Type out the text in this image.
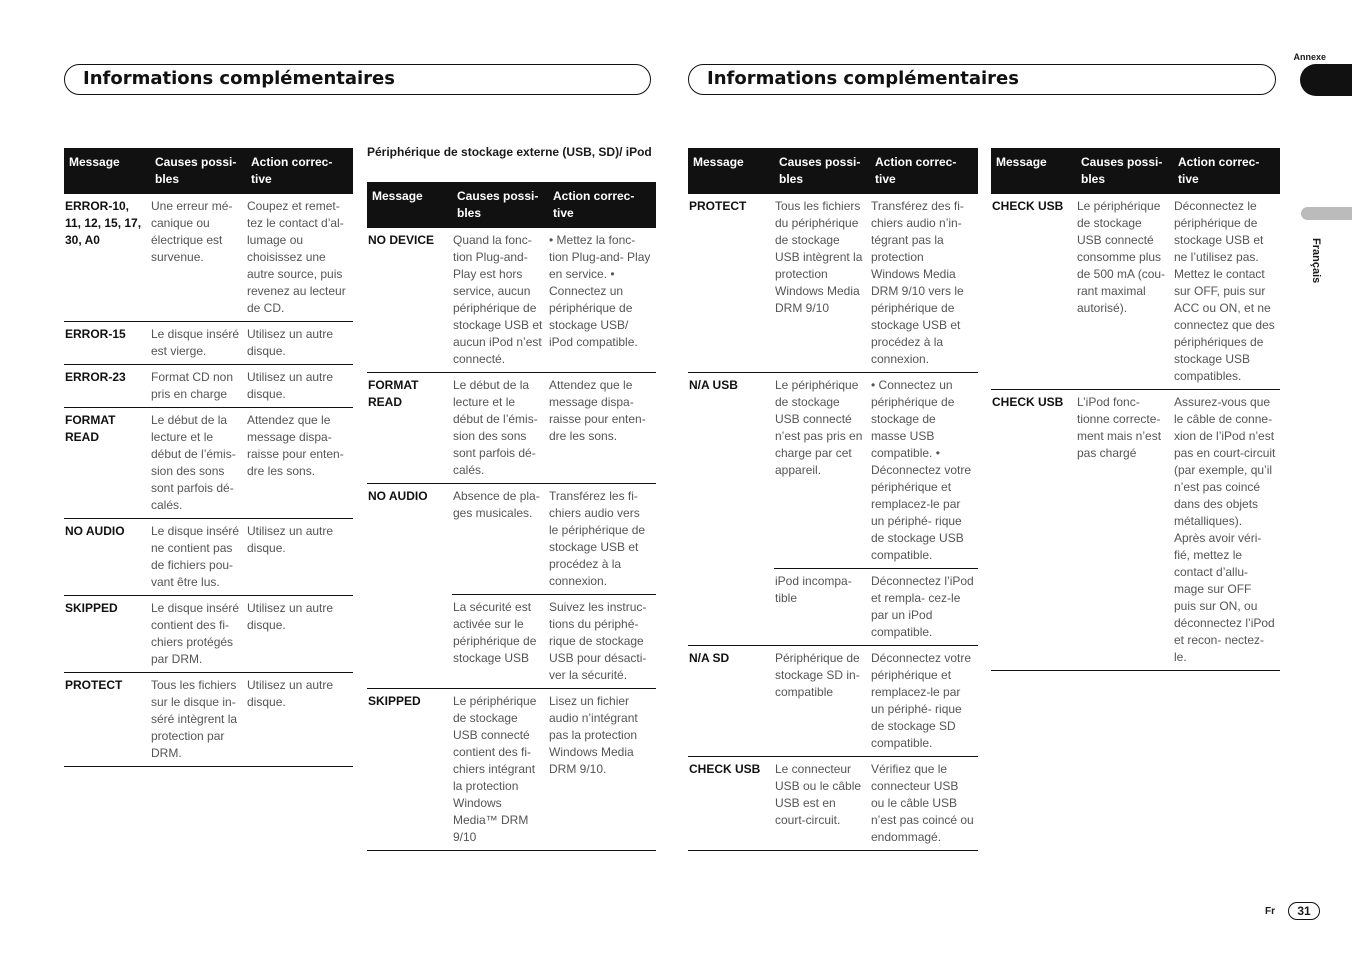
Informations complémentaires	Informations complémentaires
Annexe
Français
Périphérique de stockage externe (USB, SD)/ iPod
Message	Causes possi- bles	Action correc- tive
ERROR-10, 11, 12, 15, 17, 30, A0	Une erreur mé- canique ou électrique est survenue.	Coupez et remet- tez le contact d’al- lumage ou choisissez une autre source, puis revenez au lecteur de CD.
ERROR-15	Le disque inséré est vierge.	Utilisez un autre disque.
ERROR-23	Format CD non pris en charge	Utilisez un autre disque.
FORMAT READ	Le début de la lecture et le début de l’émis- sion des sons sont parfois dé- calés.	Attendez que le message dispa- raisse pour enten- dre les sons.
NO AUDIO	Le disque inséré ne contient pas de fichiers pou- vant être lus.	Utilisez un autre disque.
SKIPPED	Le disque inséré contient des fi- chiers protégés par DRM.	Utilisez un autre disque.
PROTECT	Tous les fichiers sur le disque in- séré intègrent la protection par DRM.	Utilisez un autre disque.
Message	Causes possi- bles	Action correc- tive
NO DEVICE	Quand la fonc- tion Plug-and- Play est hors service, aucun périphérique de stockage USB et aucun iPod n’est connecté.	• Mettez la fonc- tion Plug-and- Play en service. • Connectez un périphérique de stockage USB/ iPod compatible.
FORMAT READ	Le début de la lecture et le début de l’émis- sion des sons sont parfois dé- calés.	Attendez que le message dispa- raisse pour enten- dre les sons.
NO AUDIO	Absence de pla- ges musicales.	Transférez les fi- chiers audio vers le périphérique de stockage USB et procédez à la connexion.
	La sécurité est activée sur le périphérique de stockage USB	Suivez les instruc- tions du périphé- rique de stockage USB pour désacti- ver la sécurité.
SKIPPED	Le périphérique de stockage USB connecté contient des fi- chiers intégrant la protection Windows Media™ DRM 9/10	Lisez un fichier audio n’intégrant pas la protection Windows Media DRM 9/10.
Message	Causes possi- bles	Action correc- tive
PROTECT	Tous les fichiers du périphérique de stockage USB intègrent la protection Windows Media DRM 9/10	Transférez des fi- chiers audio n’in- tégrant pas la protection Windows Media DRM 9/10 vers le périphérique de stockage USB et procédez à la connexion.
N/A USB	Le périphérique de stockage USB connecté n’est pas pris en charge par cet appareil.	• Connectez un périphérique de stockage de masse USB compatible. • Déconnectez votre périphérique et remplacez-le par un périphé- rique de stockage USB compatible.
	iPod incompa- tible	Déconnectez l’iPod et rempla- cez-le par un iPod compatible.
N/A SD	Périphérique de stockage SD in- compatible	Déconnectez votre périphérique et remplacez-le par un périphé- rique de stockage SD compatible.
CHECK USB	Le connecteur USB ou le câble USB est en court-circuit.	Vérifiez que le connecteur USB ou le câble USB n’est pas coincé ou endommagé.
Message	Causes possi- bles	Action correc- tive
CHECK USB	Le périphérique de stockage USB connecté consomme plus de 500 mA (cou- rant maximal autorisé).	Déconnectez le périphérique de stockage USB et ne l’utilisez pas. Mettez le contact sur OFF, puis sur ACC ou ON, et ne connectez que des périphériques de stockage USB compatibles.
CHECK USB	L’iPod fonc- tionne correcte- ment mais n’est pas chargé	Assurez-vous que le câble de conne- xion de l’iPod n’est pas en court-circuit (par exemple, qu’il n’est pas coincé dans des objets métalliques). Après avoir véri- fié, mettez le contact d’allu- mage sur OFF puis sur ON, ou déconnectez l’iPod et recon- nectez-le.
Fr	31
